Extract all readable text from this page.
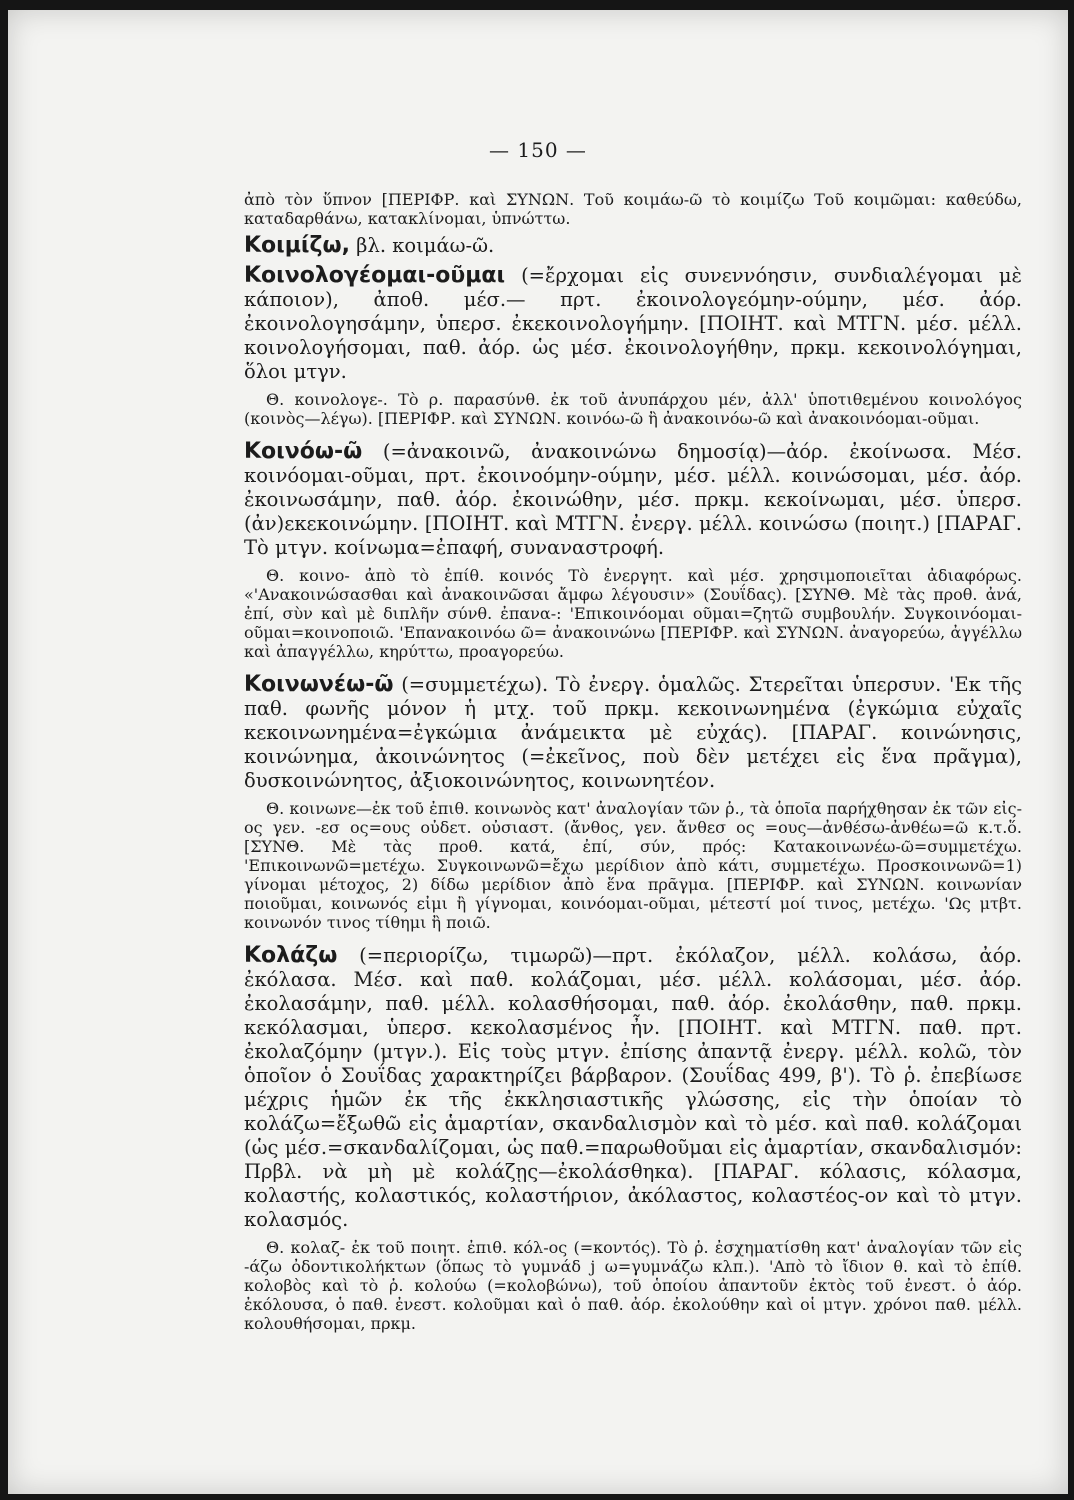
— 150 —

ἀπὸ τὸν ὕπνον [ΠΕΡΙΦΡ. καὶ ΣΥΝΩΝ. Τοῦ κοιμάω-ῶ τὸ κοιμίζω Τοῦ κοιμῶμαι: καθεύδω, καταδαρθάνω, κατακλίνομαι, ὑπνώττω.

Κοιμίζω, βλ. κοιμάω-ῶ.

Κοινολογέομαι-οῦμαι (=ἔρχομαι εἰς συνεννόησιν, συνδιαλέγομαι μὲ κάποιον), ἀποθ. μέσ.— πρτ. ἐκοινολογεόμην-ούμην, μέσ. ἀόρ. ἐκοινολογησάμην, ὑπερσ. ἐκεκοινολογήμην. [ΠΟΙΗΤ. καὶ ΜΤΓΝ. μέσ. μέλλ. κοινολογήσομαι, παθ. ἀόρ. ὡς μέσ. ἐκοινολογήθην, πρκμ. κεκοινολόγημαι, ὅλοι μτγν.

Θ. κοινολογε-. Τὸ ρ. παρασύνθ. ἐκ τοῦ ἀνυπάρχου μέν, ἀλλ' ὑποτιθεμένου κοινολόγος (κοινὸς—λέγω). [ΠΕΡΙΦΡ. καὶ ΣΥΝΩΝ. κοινόω-ῶ ἢ ἀνακοινόω-ῶ καὶ ἀνακοινόομαι-οῦμαι.

Κοινόω-ῶ (=ἀνακοινῶ, ἀνακοινώνω δημοσίᾳ)—ἀόρ. ἐκοίνωσα. Μέσ. κοινόομαι-οῦμαι, πρτ. ἐκοινοόμην-ούμην, μέσ. μέλλ. κοινώσομαι, μέσ. ἀόρ. ἐκοινωσάμην, παθ. ἀόρ. ἐκοινώθην, μέσ. πρκμ. κεκοίνωμαι, μέσ. ὑπερσ. (ἀν)εκεκοινώμην. [ΠΟΙΗΤ. καὶ ΜΤΓΝ. ἐνεργ. μέλλ. κοινώσω (ποιητ.) [ΠΑΡΑΓ. Τὸ μτγν. κοίνωμα=ἐπαφή, συναναστροφή.

Θ. κοινο- ἀπὸ τὸ ἐπίθ. κοινός Τὸ ἐνεργητ. καὶ μέσ. χρησιμοποιεῖται ἀδιαφόρως. «'Ανακοινώσασθαι καὶ ἀνακοινῶσαι ἄμφω λέγουσιν» (Σουΐδας). [ΣΥΝΘ. Μὲ τὰς προθ. ἀνά, ἐπί, σὺν καὶ μὲ διπλῆν σύνθ. ἐπανα-: 'Επικοινόομαι οῦμαι=ζητῶ συμβουλήν. Συγκοινόομαι-οῦμαι=κοινοποιῶ. 'Επανακοινόω ῶ= ἀνακοινώνω [ΠΕΡΙΦΡ. καὶ ΣΥΝΩΝ. ἀναγορεύω, ἀγγέλλω καὶ ἀπαγγέλλω, κηρύττω, προαγορεύω.

Κοινωνέω-ῶ (=συμμετέχω). Τὸ ἐνεργ. ὁμαλῶς. Στερεῖται ὑπερσυν. 'Εκ τῆς παθ. φωνῆς μόνον ἡ μτχ. τοῦ πρκμ. κεκοινωνημένα (ἐγκώμια εὐχαῖς κεκοινωνημένα=ἐγκώμια ἀνάμεικτα μὲ εὐχάς). [ΠΑΡΑΓ. κοινώνησις, κοινώνημα, ἀκοινώνητος (=ἐκεῖνος, ποὺ δὲν μετέχει εἰς ἕνα πρᾶγμα), δυσκοινώνητος, ἀξιοκοινώνητος, κοινωνητέον.

Θ. κοινωνε—ἐκ τοῦ ἐπιθ. κοινωνὸς κατ' ἀναλογίαν τῶν ῥ., τὰ ὁποῖα παρήχθησαν ἐκ τῶν εἰς-ος γεν. -εσ ος=ους οὐδετ. οὐσιαστ. (ἄνθος, γεν. ἄνθεσ ος =ους—ἀνθέσω-ἀνθέω=ῶ κ.τ.ὅ. [ΣΥΝΘ. Μὲ τὰς προθ. κατά, ἐπί, σύν, πρός: Κατακοινωνέω-ῶ=συμμετέχω. 'Επικοινωνῶ=μετέχω. Συγκοινωνῶ=ἔχω μερίδιον ἀπὸ κάτι, συμμετέχω. Προσκοινωνῶ=1) γίνομαι μέτοχος, 2) δίδω μερίδιον ἀπὸ ἕνα πρᾶγμα. [ΠΕΡΙΦΡ. καὶ ΣΥΝΩΝ. κοινωνίαν ποιοῦμαι, κοινωνός εἰμι ἢ γίγνομαι, κοινόομαι-οῦμαι, μέτεστί μοί τινος, μετέχω. 'Ως μτβτ. κοινωνόν τινος τίθημι ἢ ποιῶ.

Κολάζω (=περιορίζω, τιμωρῶ)—πρτ. ἐκόλαζον, μέλλ. κολάσω, ἀόρ. ἐκόλασα. Μέσ. καὶ παθ. κολάζομαι, μέσ. μέλλ. κολάσομαι, μέσ. ἀόρ. ἐκολασάμην, παθ. μέλλ. κολασθήσομαι, παθ. ἀόρ. ἐκολάσθην, παθ. πρκμ. κεκόλασμαι, ὑπερσ. κεκολασμένος ἦν. [ΠΟΙΗΤ. καὶ ΜΤΓΝ. παθ. πρτ. ἐκολαζόμην (μτγν.). Εἰς τοὺς μτγν. ἐπίσης ἀπαντᾷ ἐνεργ. μέλλ. κολῶ, τὸν ὁποῖον ὁ Σουΐδας χαρακτηρίζει βάρβαρον. (Σουΐδας 499, β'). Τὸ ῥ. ἐπεβίωσε μέχρις ἡμῶν ἐκ τῆς ἐκκλησιαστικῆς γλώσσης, εἰς τὴν ὁποίαν τὸ κολάζω=ἔξωθῶ εἰς ἁμαρτίαν, σκανδαλισμὸν καὶ τὸ μέσ. καὶ παθ. κολάζομαι (ὡς μέσ.=σκανδαλίζομαι, ὡς παθ.=παρωθοῦμαι εἰς ἁμαρτίαν, σκανδαλισμόν: Πρβλ. νὰ μὴ μὲ κολάζῃς—ἐκολάσθηκα). [ΠΑΡΑΓ. κόλασις, κόλασμα, κολαστής, κολαστικός, κολαστήριον, ἀκόλαστος, κολαστέος-ον καὶ τὸ μτγν. κολασμός.

Θ. κολαζ- ἐκ τοῦ ποιητ. ἐπιθ. κόλ-ος (=κοντός). Τὸ ῥ. ἐσχηματίσθη κατ' ἀναλογίαν τῶν εἰς -άζω ὀδοντικολήκτων (ὅπως τὸ γυμνάδ j ω=γυμνάζω κλπ.). 'Απὸ τὸ ἴδιον θ. καὶ τὸ ἐπίθ. κολοβὸς καὶ τὸ ῥ. κολούω (=κολοβώνω), τοῦ ὁποίου ἀπαντοῦν ἐκτὸς τοῦ ἐνεστ. ὁ ἀόρ. ἐκόλουσα, ὁ παθ. ἐνεστ. κολοῦμαι καὶ ὁ παθ. ἀόρ. ἐκολούθην καὶ οἱ μτγν. χρόνοι παθ. μέλλ. κολουθήσομαι, πρκμ.
